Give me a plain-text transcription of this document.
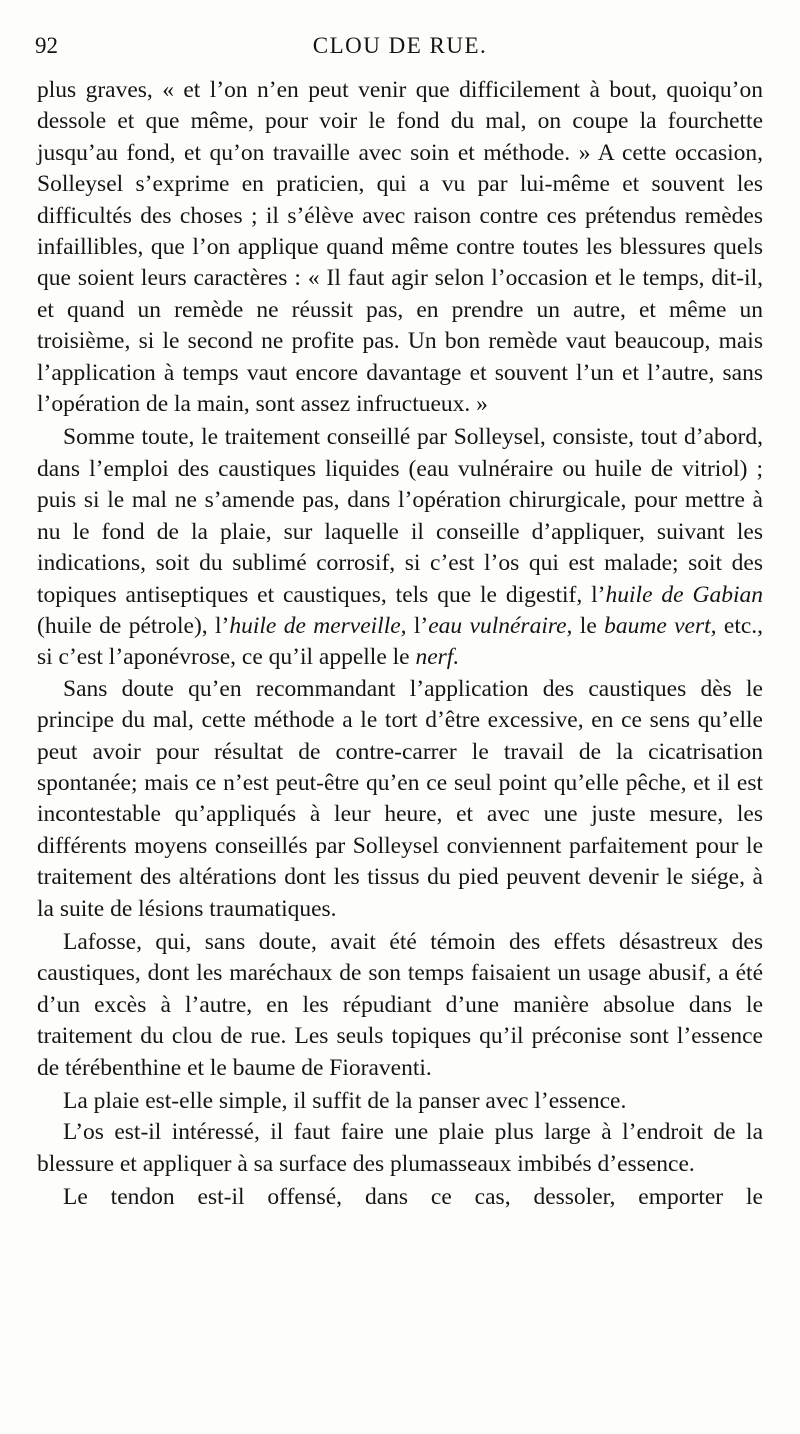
92	CLOU DE RUE.

plus graves, « et l’on n’en peut venir que difficilement à bout, quoiqu’on dessole et que même, pour voir le fond du mal, on coupe la fourchette jusqu’au fond, et qu’on travaille avec soin et méthode. » A cette occasion, Solleysel s’exprime en praticien, qui a vu par lui-même et souvent les difficultés des choses ; il s’élève avec raison contre ces prétendus remèdes infaillibles, que l’on applique quand même contre toutes les blessures quels que soient leurs caractères : « Il faut agir selon l’occasion et le temps, dit-il, et quand un remède ne réussit pas, en prendre un autre, et même un troisième, si le second ne profite pas. Un bon remède vaut beaucoup, mais l’application à temps vaut encore davantage et souvent l’un et l’autre, sans l’opération de la main, sont assez infructueux. »

Somme toute, le traitement conseillé par Solleysel, consiste, tout d’abord, dans l’emploi des caustiques liquides (eau vulnéraire ou huile de vitriol) ; puis si le mal ne s’amende pas, dans l’opération chirurgicale, pour mettre à nu le fond de la plaie, sur laquelle il conseille d’appliquer, suivant les indications, soit du sublimé corrosif, si c’est l’os qui est malade; soit des topiques antiseptiques et caustiques, tels que le digestif, l’huile de Gabian (huile de pétrole), l’huile de merveille, l’eau vulnéraire, le baume vert, etc., si c’est l’aponévrose, ce qu’il appelle le nerf.

Sans doute qu’en recommandant l’application des caustiques dès le principe du mal, cette méthode a le tort d’être excessive, en ce sens qu’elle peut avoir pour résultat de contre-carrer le travail de la cicatrisation spontanée; mais ce n’est peut-être qu’en ce seul point qu’elle pêche, et il est incontestable qu’appliqués à leur heure, et avec une juste mesure, les différents moyens conseillés par Solleysel conviennent parfaitement pour le traitement des altérations dont les tissus du pied peuvent devenir le siége, à la suite de lésions traumatiques.

Lafosse, qui, sans doute, avait été témoin des effets désastreux des caustiques, dont les maréchaux de son temps faisaient un usage abusif, a été d’un excès à l’autre, en les répudiant d’une manière absolue dans le traitement du clou de rue. Les seuls topiques qu’il préconise sont l’essence de térébenthine et le baume de Fioraventi.

La plaie est-elle simple, il suffit de la panser avec l’essence.

L’os est-il intéressé, il faut faire une plaie plus large à l’endroit de la blessure et appliquer à sa surface des plumasseaux imbibés d’essence.

Le tendon est-il offensé, dans ce cas, dessoler, emporter le
